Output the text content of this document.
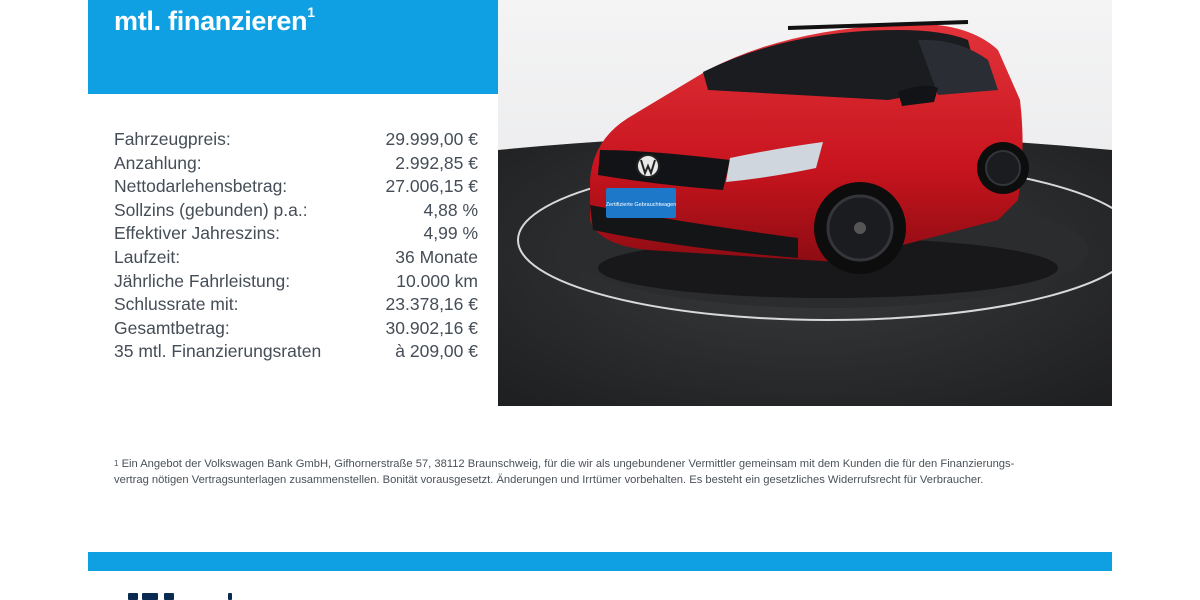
mtl. finanzieren$^1$
Fahrzeugpreis:	29.999,00 €
Anzahlung:	2.992,85 €
Nettodarlehensbetrag:	27.006,15 €
Sollzins (gebunden) p.a.:	4,88 %
Effektiver Jahreszins:	4,99 %
Laufzeit:	36 Monate
Jährliche Fahrleistung:	10.000 km
Schlussrate mit:	23.378,16 €
Gesamtbetrag:	30.902,16 €
35 mtl. Finanzierungsraten	à 209,00 €
Zertifizierte Gebrauchtwagen
$^1$ Ein Angebot der Volkswagen Bank GmbH, Gifhornerstraße 57, 38112 Braunschweig, für die wir als ungebundener Vermittler gemeinsam mit dem Kunden die für den Finanzierungs-vertrag nötigen Vertragsunterlagen zusammenstellen. Bonität vorausgesetzt. Änderungen und Irrtümer vorbehalten. Es besteht ein gesetzliches Widerrufsrecht für Verbraucher.
